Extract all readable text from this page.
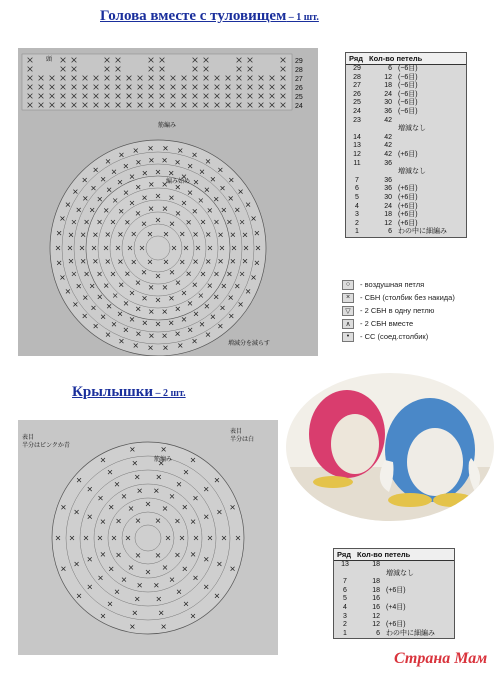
Голова вместе с туловищем – 1 шт.
Крылышки – 2 шт.
29
28
27
26
25
24
筋編み
頭
増減分を減らす
編み始め
Ряд Кол-во петель
29	6 (−6目)
28	12 (−6目)
27	18 (−6目)
26	24 (−6目)
25	30 (−6目)
24	36 (−6目)
23	42
増減なし
14	42
13	42
12	42 (+6目)
11	36
増減なし
7	36
6	36 (+6目)
5	30 (+6目)
4	24 (+6目)
3	18 (+6目)
2	12 (+6目)
1	6 わの中に細編み
○	- воздушная петля
×	- СБН (столбик без накида)
▽	- 2 СБН в одну петлю
∧	- 2 СБН вместе
•	- СС (соед.столбик)
表目
半分はピンクか青
表目
半分は白
筋編み
Ряд Кол-во петель
13	18
増減なし
7	18
6	18 (+6目)
5	16
4	16 (+4目)
3	12
2	12 (+6目)
1	6 わの中に細編み
Страна Мам
